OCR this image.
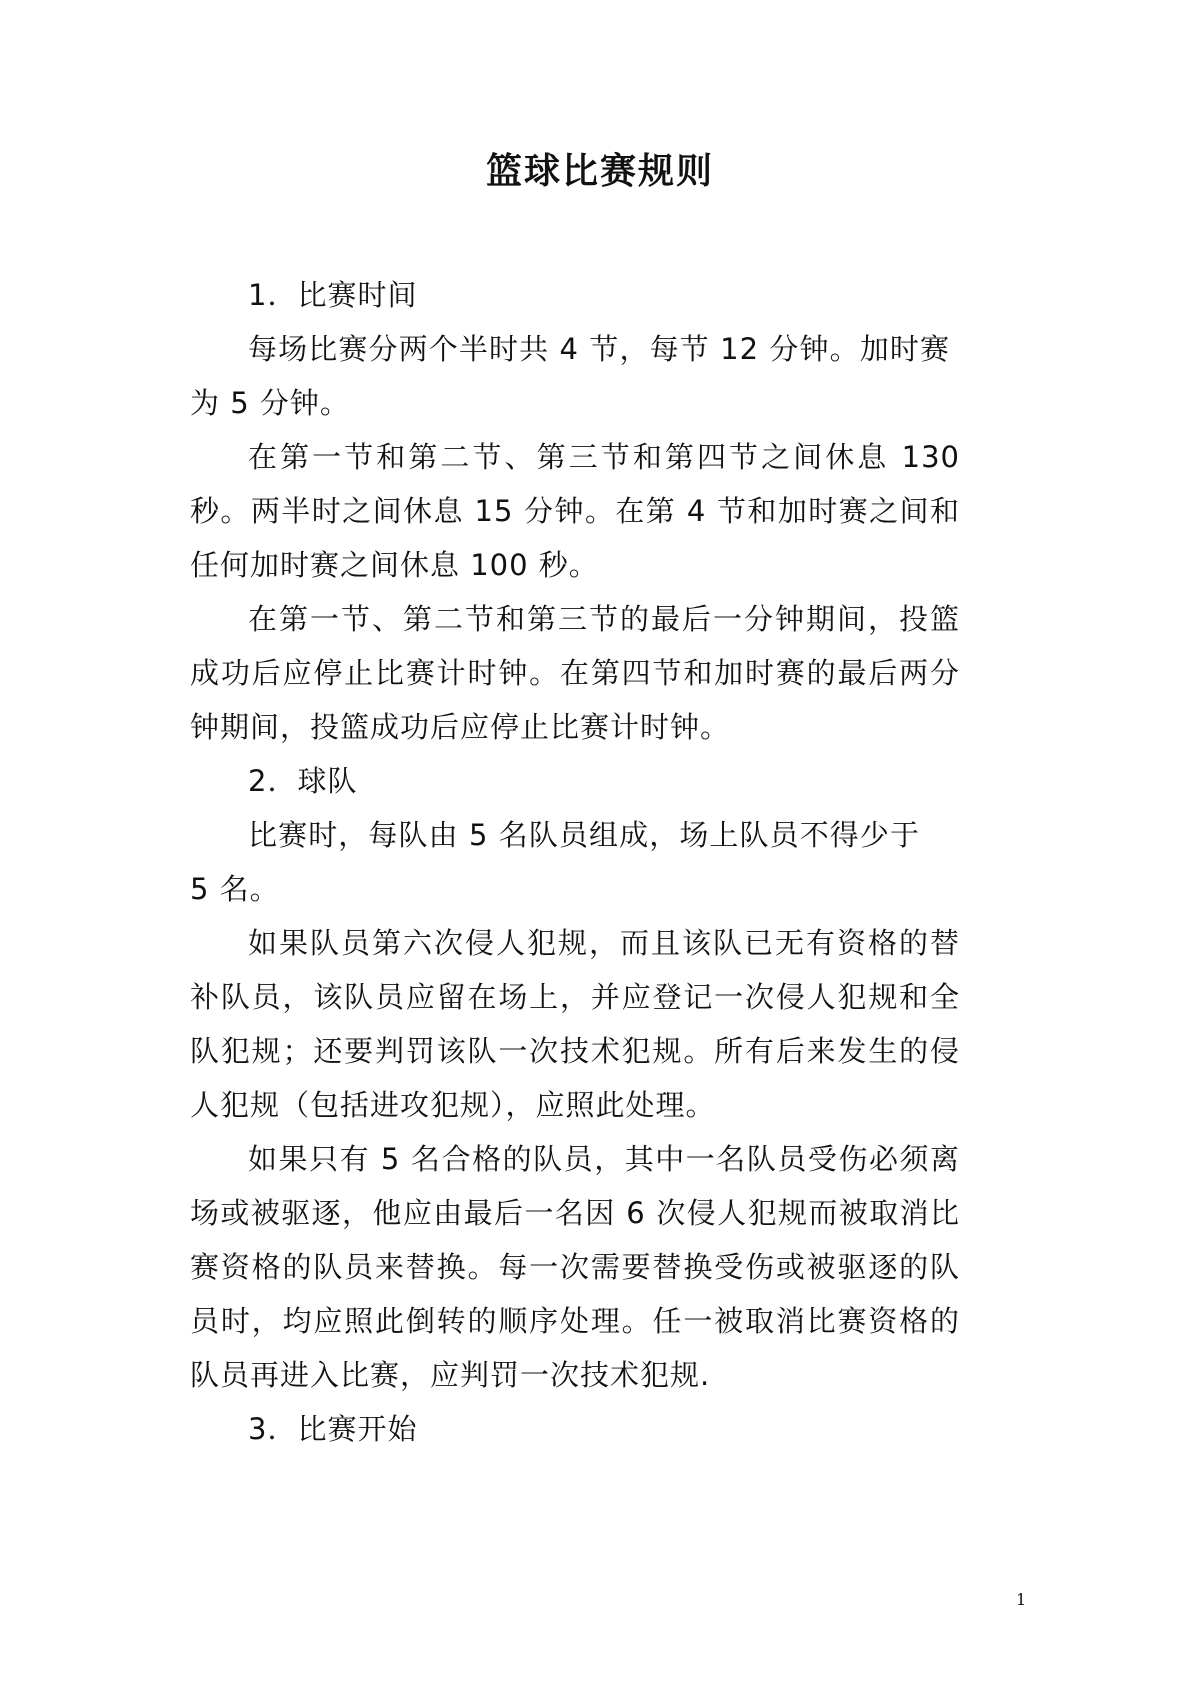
篮球比赛规则
1．比赛时间

每场比赛分两个半时共 4 节，每节 12 分钟。加时赛为 5 分钟。

在第一节和第二节、第三节和第四节之间休息 130 秒。两半时之间休息 15 分钟。在第 4 节和加时赛之间和任何加时赛之间休息 100 秒。

在第一节、第二节和第三节的最后一分钟期间，投篮成功后应停止比赛计时钟。在第四节和加时赛的最后两分钟期间，投篮成功后应停止比赛计时钟。

2．球队

比赛时，每队由 5 名队员组成，场上队员不得少于 5 名。

如果队员第六次侵人犯规，而且该队已无有资格的替补队员，该队员应留在场上，并应登记一次侵人犯规和全队犯规；还要判罚该队一次技术犯规。所有后来发生的侵人犯规（包括进攻犯规），应照此处理。

如果只有 5 名合格的队员，其中一名队员受伤必须离场或被驱逐，他应由最后一名因 6 次侵人犯规而被取消比赛资格的队员来替换。每一次需要替换受伤或被驱逐的队员时，均应照此倒转的顺序处理。任一被取消比赛资格的队员再进入比赛，应判罚一次技术犯规.

3．比赛开始
1
